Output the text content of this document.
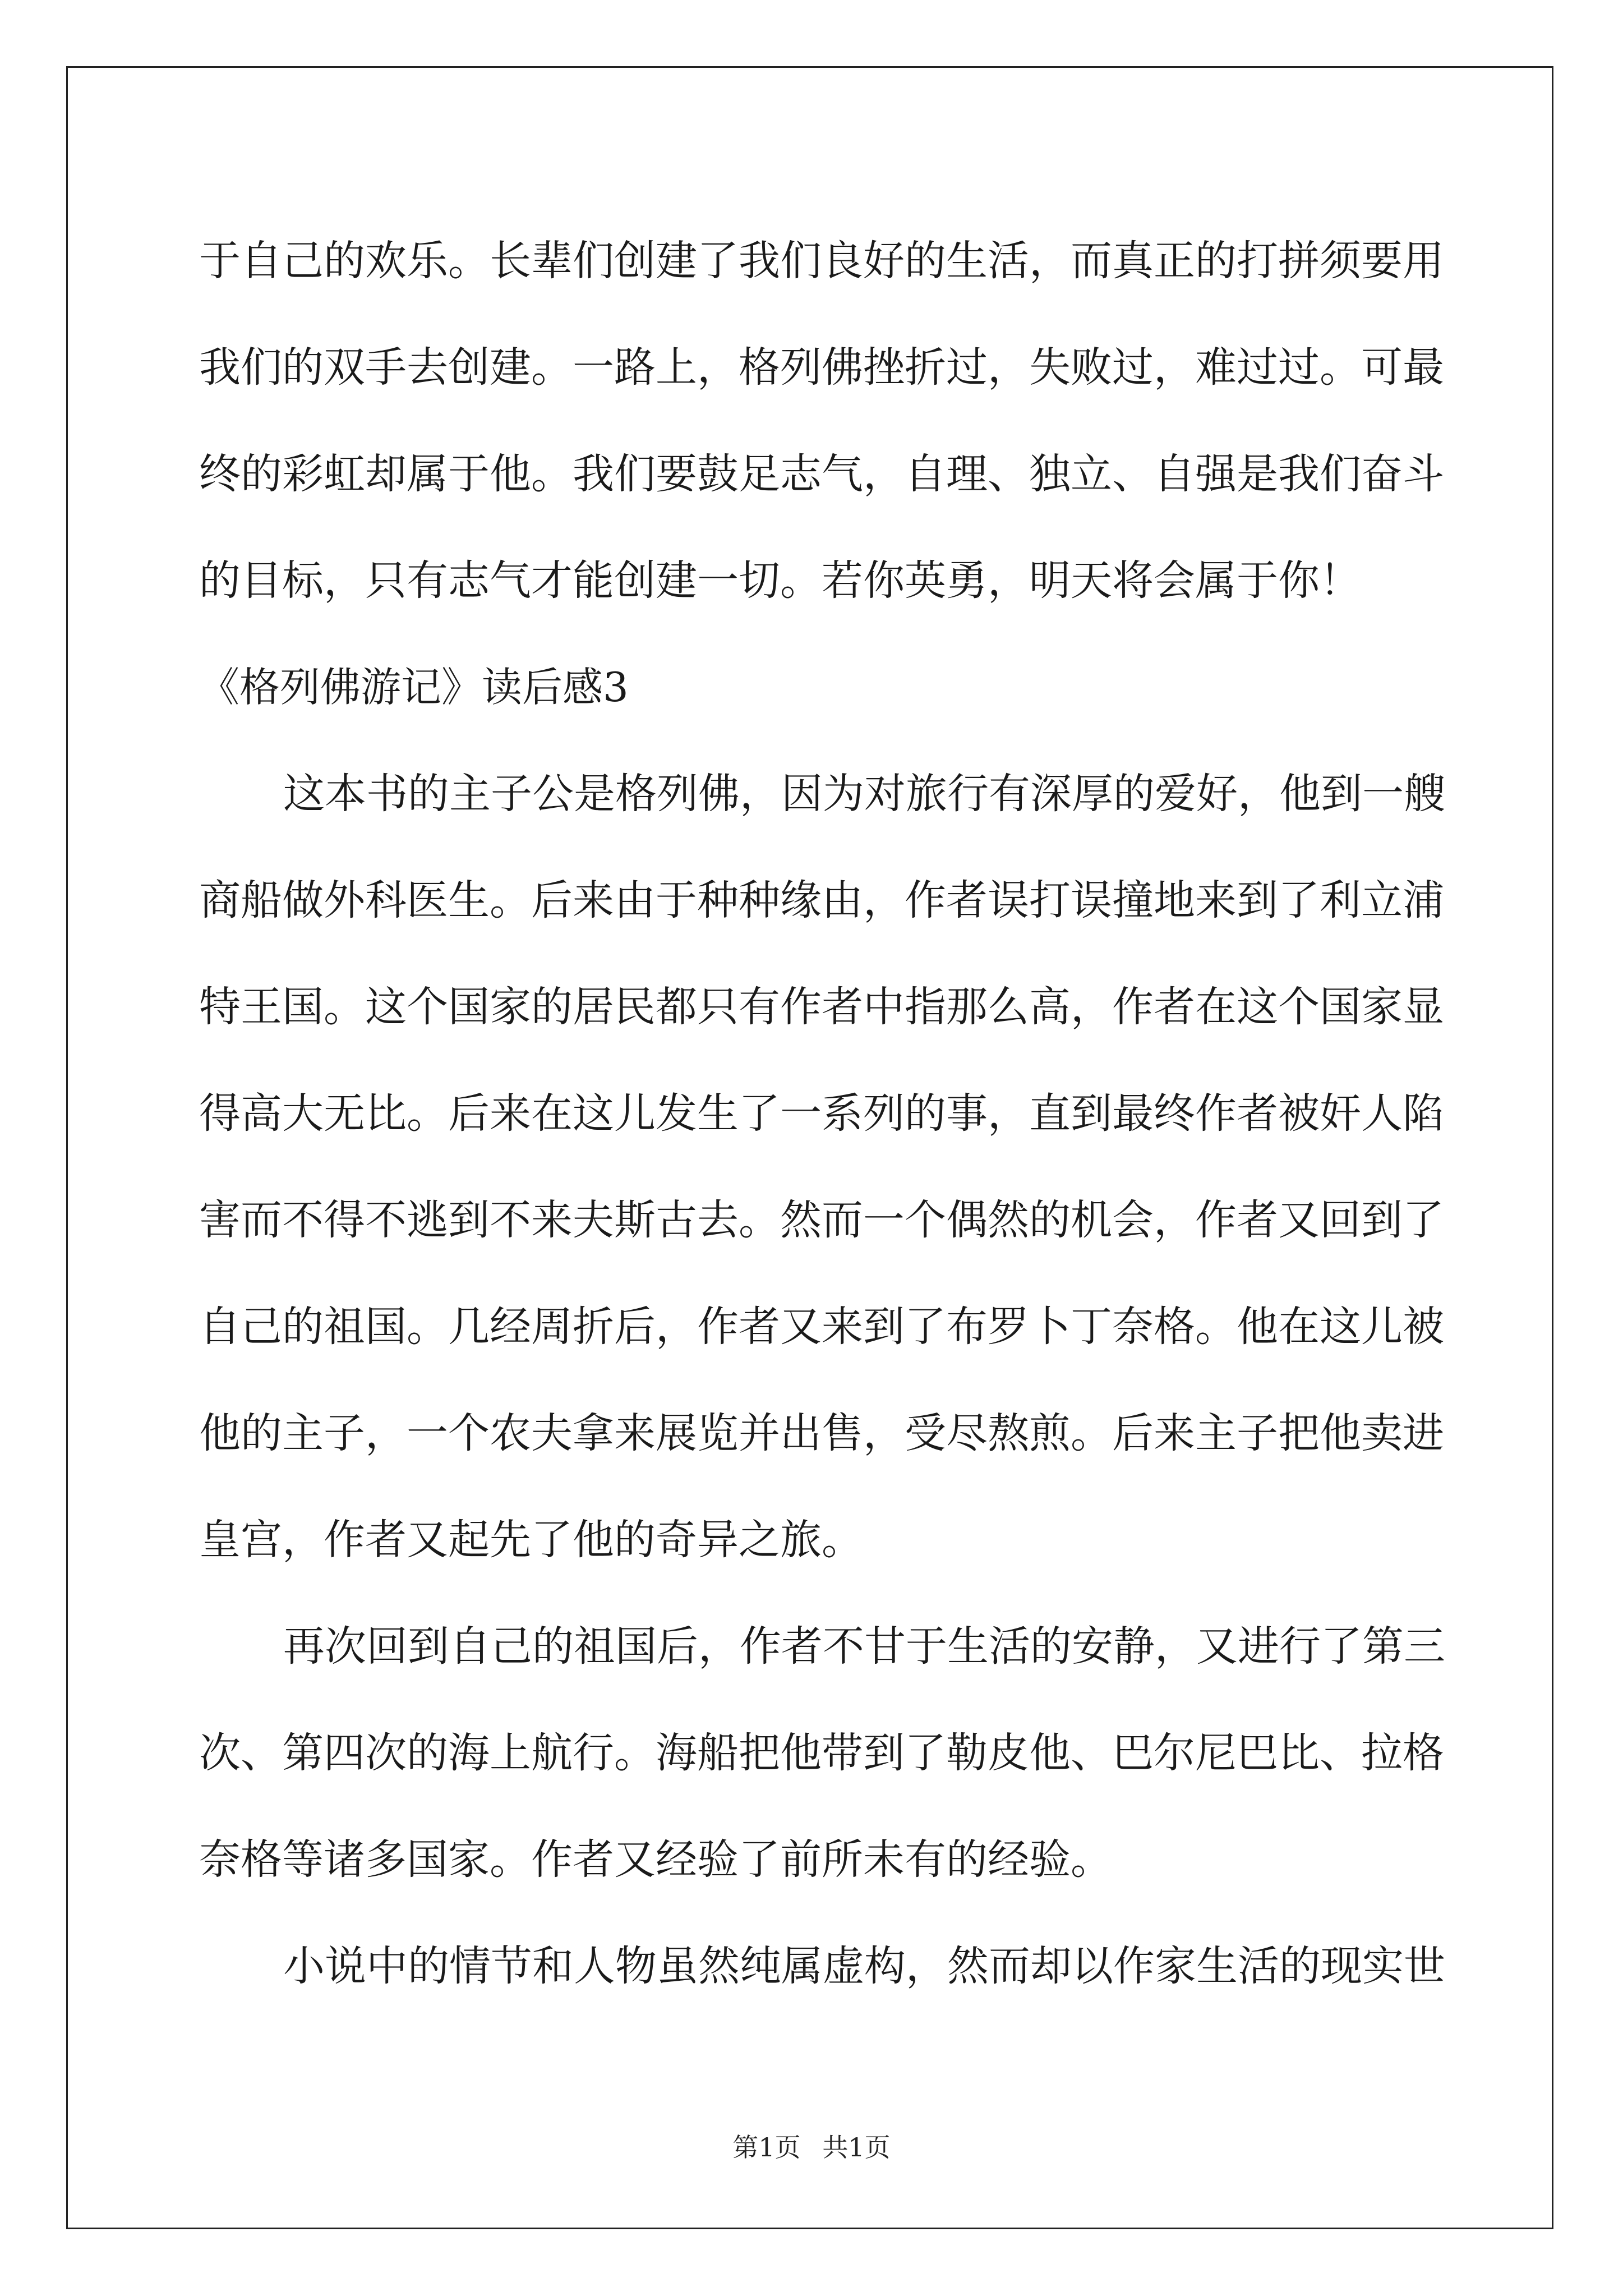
于自己的欢乐。长辈们创建了我们良好的生活，而真正的打拼须要用
我们的双手去创建。一路上，格列佛挫折过，失败过，难过过。可最
终的彩虹却属于他。我们要鼓足志气，自理、独立、自强是我们奋斗
的目标，只有志气才能创建一切。若你英勇，明天将会属于你！
《格列佛游记》读后感3
这本书的主子公是格列佛，因为对旅行有深厚的爱好，他到一艘
商船做外科医生。后来由于种种缘由，作者误打误撞地来到了利立浦
特王国。这个国家的居民都只有作者中指那么高，作者在这个国家显
得高大无比。后来在这儿发生了一系列的事，直到最终作者被奸人陷
害而不得不逃到不来夫斯古去。然而一个偶然的机会，作者又回到了
自己的祖国。几经周折后，作者又来到了布罗卜丁奈格。他在这儿被
他的主子，一个农夫拿来展览并出售，受尽熬煎。后来主子把他卖进
皇宫，作者又起先了他的奇异之旅。
再次回到自己的祖国后，作者不甘于生活的安静，又进行了第三
次、第四次的海上航行。海船把他带到了勒皮他、巴尔尼巴比、拉格
奈格等诸多国家。作者又经验了前所未有的经验。
小说中的情节和人物虽然纯属虚构，然而却以作家生活的现实世
第1页 共1页
